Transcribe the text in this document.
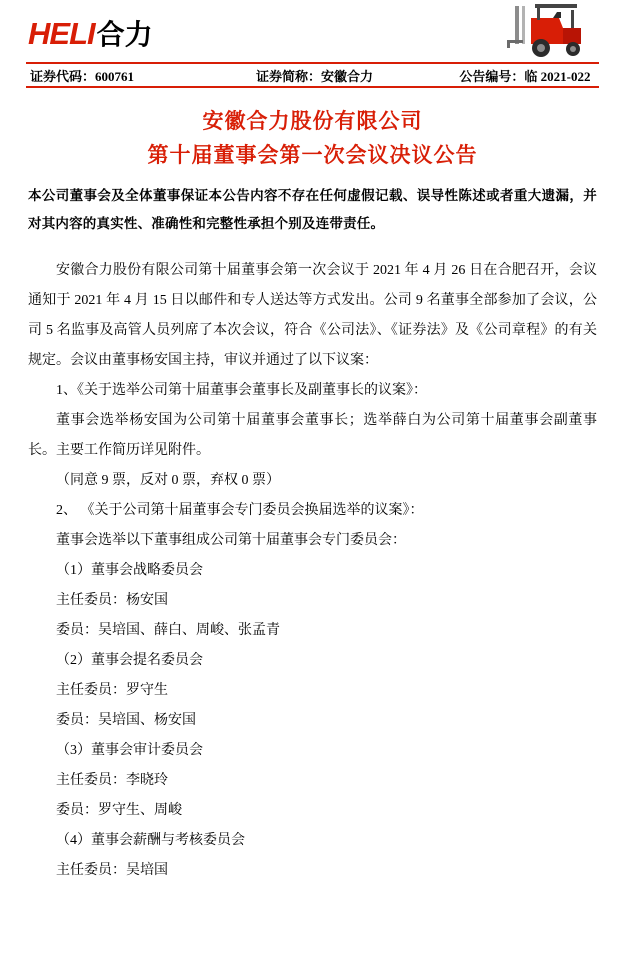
HELI 合力
证券代码：600761	证券简称：安徽合力	公告编号：临 2021-022
安徽合力股份有限公司
第十届董事会第一次会议决议公告
本公司董事会及全体董事保证本公告内容不存在任何虚假记载、误导性陈述或者重大遗漏，并对其内容的真实性、准确性和完整性承担个别及连带责任。

安徽合力股份有限公司第十届董事会第一次会议于 2021 年 4 月 26 日在合肥召开，会议通知于 2021 年 4 月 15 日以邮件和专人送达等方式发出。公司 9 名董事全部参加了会议，公司 5 名监事及高管人员列席了本次会议，符合《公司法》、《证券法》及《公司章程》的有关规定。会议由董事杨安国主持，审议并通过了以下议案：

1、《关于选举公司第十届董事会董事长及副董事长的议案》：

董事会选举杨安国为公司第十届董事会董事长；选举薛白为公司第十届董事会副董事长。主要工作简历详见附件。

（同意 9 票，反对 0 票，弃权 0 票）

2、 《关于公司第十届董事会专门委员会换届选举的议案》：

董事会选举以下董事组成公司第十届董事会专门委员会：

（1）董事会战略委员会

主任委员：杨安国

委员：吴培国、薛白、周峻、张孟青

（2）董事会提名委员会

主任委员：罗守生

委员：吴培国、杨安国

（3）董事会审计委员会

主任委员：李晓玲

委员：罗守生、周峻

（4）董事会薪酬与考核委员会

主任委员：吴培国
